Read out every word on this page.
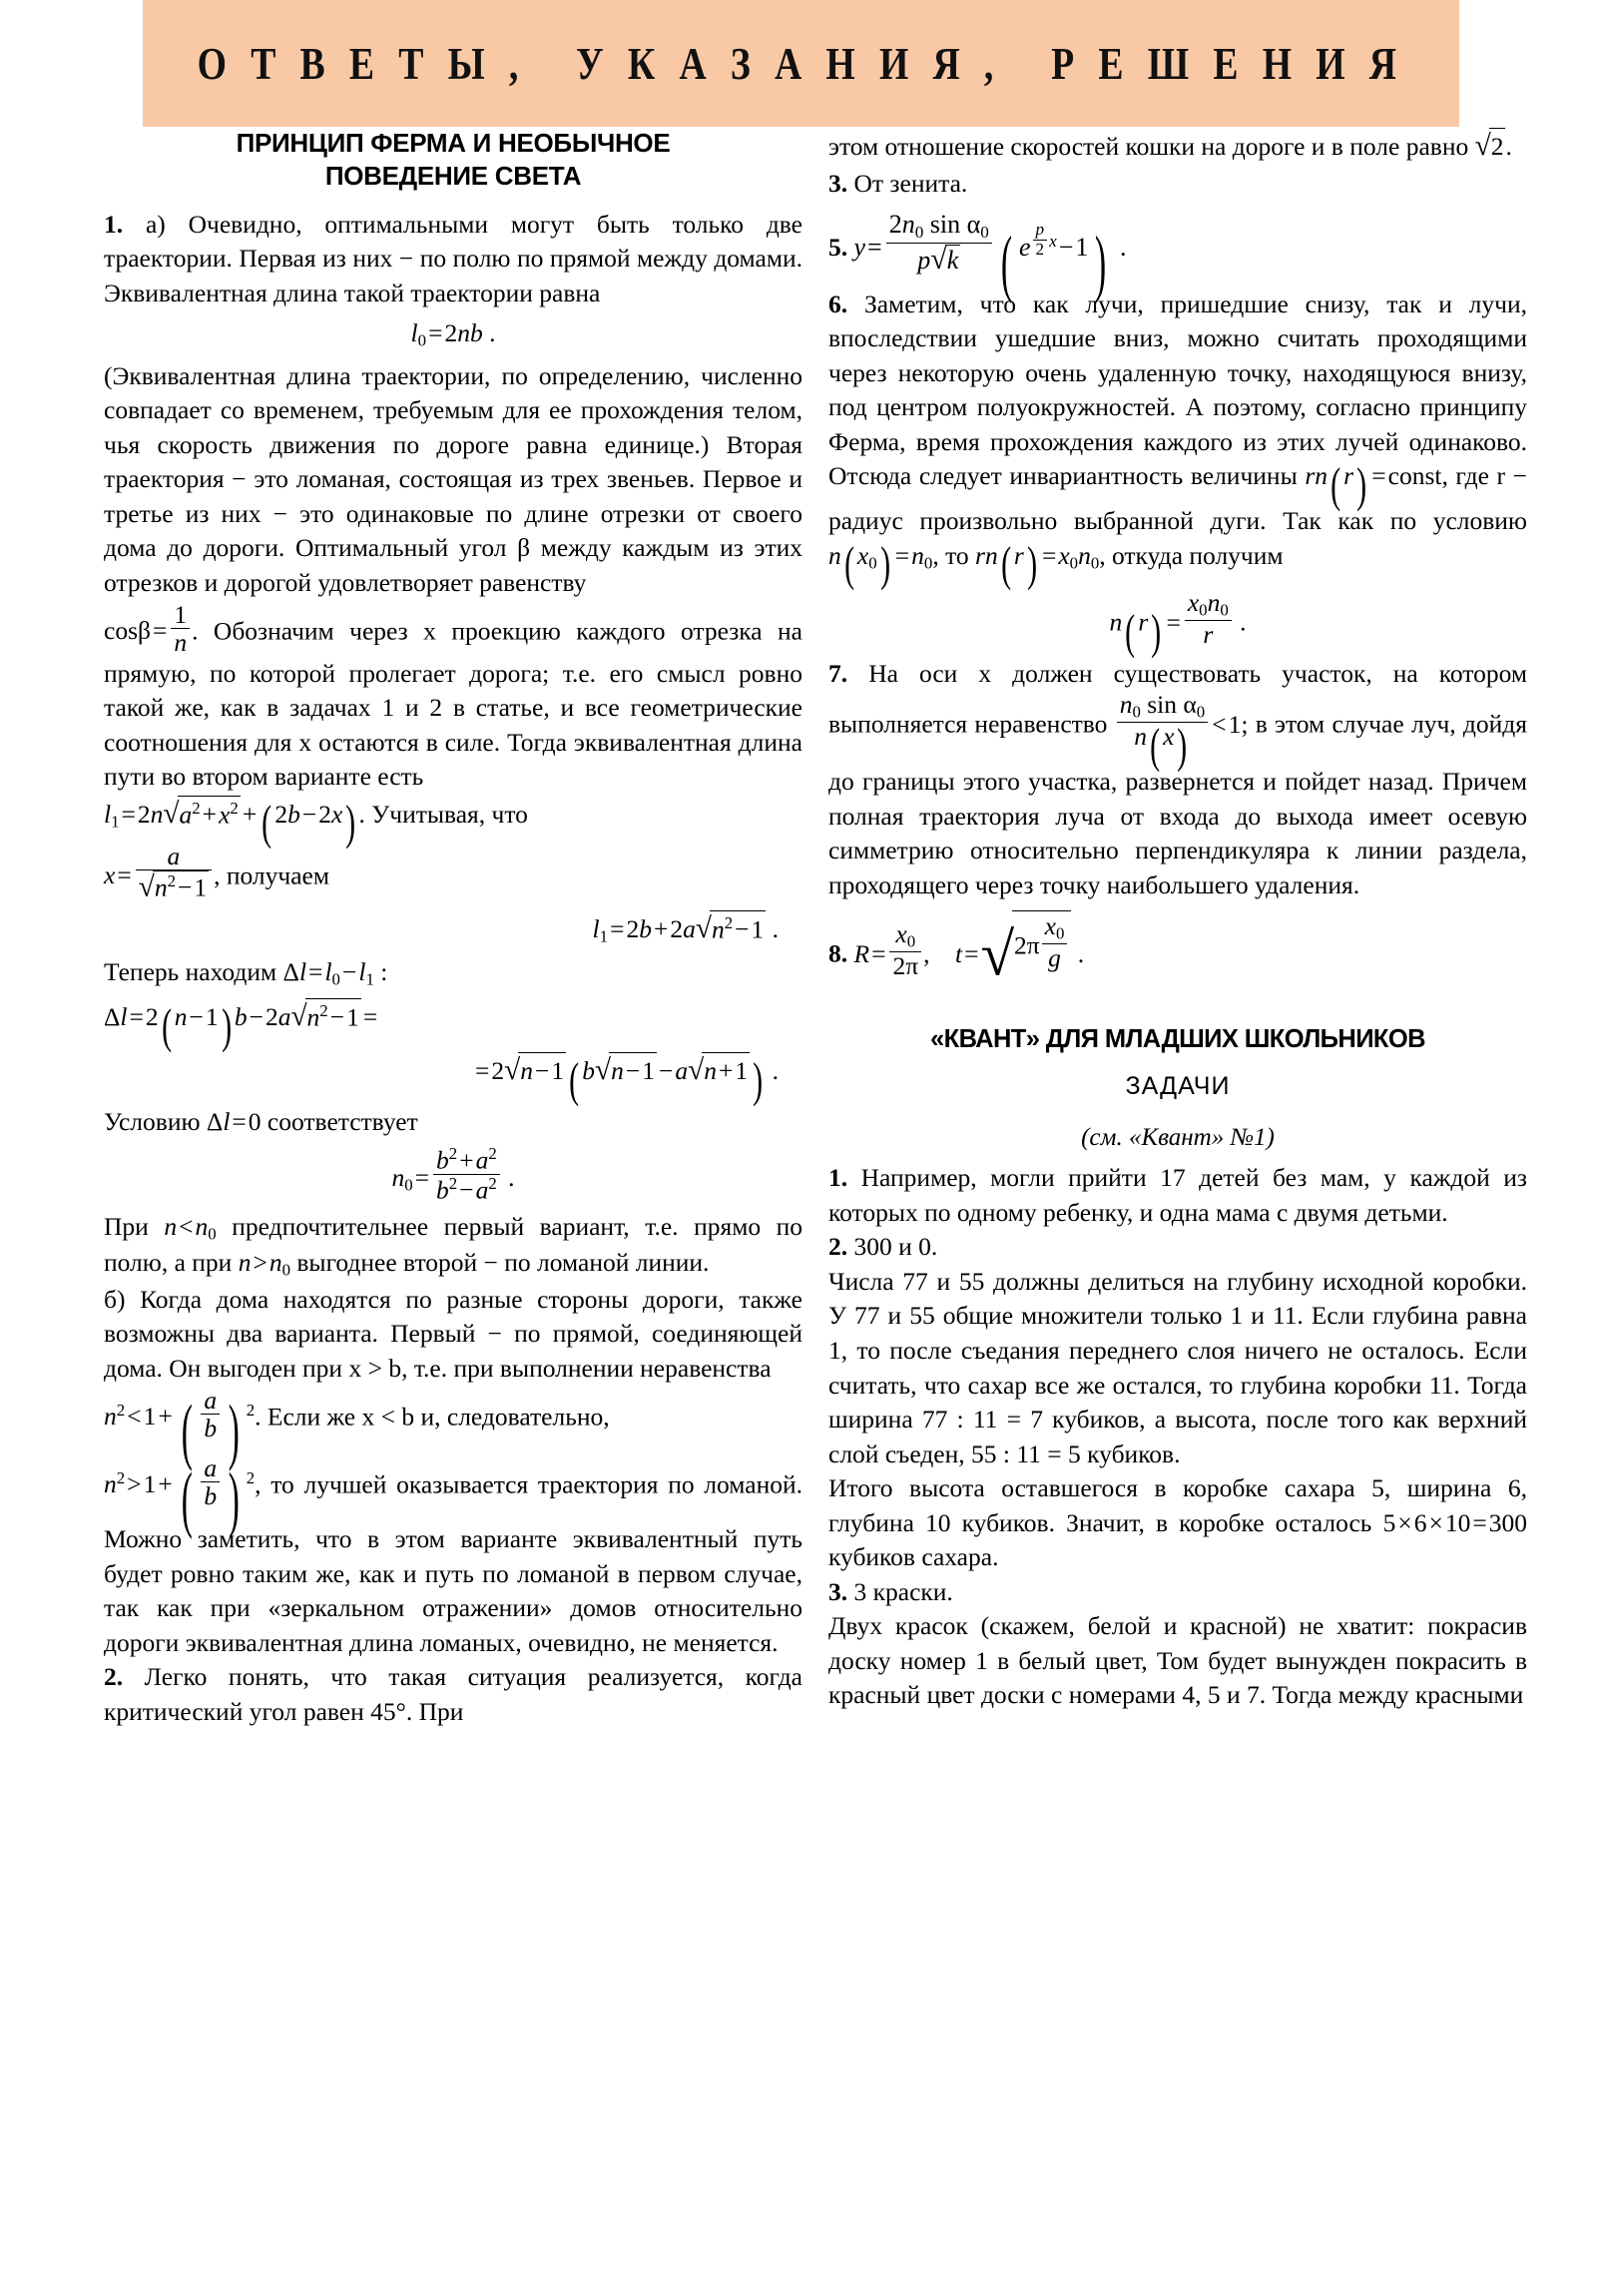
О Т В Е Т Ы ,   У К А З А Н И Я ,   Р Е Ш Е Н И Я
ПРИНЦИП ФЕРМА И НЕОБЫЧНОЕ
ПОВЕДЕНИЕ СВЕТА

1. а) Очевидно, оптимальными могут быть только две траектории. Первая из них − по полю по прямой между домами. Эквивалентная длина такой траектории равна

$l_0=2nb$ .

(Эквивалентная длина траектории, по определению, численно совпадает со временем, требуемым для ее прохождения телом, чья скорость движения по дороге равна единице.) Вторая траектория − это ломаная, состоящая из трех звеньев. Первое и третье из них − это одинаковые по длине отрезки от своего дома до дороги. Оптимальный угол β между каждым из этих отрезков и дорогой удовлетворяет равенству

$\cos\beta= \frac{1}{n}$ . Обозначим через x проекцию каждого отрезка на прямую, по которой пролегает дорога; т.е. его смысл ровно такой же, как в задачах 1 и 2 в статье, и все геометрические соотношения для x остаются в силе. Тогда эквивалентная длина пути во втором варианте есть

$l_1=2n√a^2+x^2$ + ( 2b−2x) . Учитывая, что

$x= \frac{a}{√n^2-1}$ , получаем

$l_1=2b+2a√n^2-1$ .

Теперь находим $\Delta l=l_0-l_1$ :

Δl=2( n−1) $b-2a√n^2-1$ =

=2√n−1 ( b√n−1 −a√n+1 ) .

Условию Δl=0 соответствует

$n_0= \frac{b^2+a^2}{b^2-a^2}$ .

При $n<n_0$ предпочтительнее первый вариант, т.е. прямо по полю, а при $n>n_0$ выгоднее второй − по ломаной линии.

б) Когда дома находятся по разные стороны дороги, также возможны два варианта. Первый − по прямой, соединяющей дома. Он выгоден при x > b, т.е. при выполнении неравенства

$n^2<1+$ ( $\frac{a}{b}$ ) $^2$. Если же x < b и, следовательно,

$n^2>1+$ ( $\frac{a}{b}$ ) $^2$, то лучшей оказывается траектория по ломаной. Можно заметить, что в этом варианте эквивалентный путь будет ровно таким же, как и путь по ломаной в первом случае, так как при «зеркальном отражении» домов относительно дороги эквивалентная длина ломаных, очевидно, не меняется.

2. Легко понять, что такая ситуация реализуется, когда критический угол равен 45°. При

этом отношение скоростей кошки на дороге и в поле равно √2.

3. От зенита.

5. $y= \frac{2n_0 \sin \alpha_0}{p√k}$ ( e $^{\frac{p}{2} x}$−1) .

6. Заметим, что как лучи, пришедшие снизу, так и лучи, впоследствии ушедшие вниз, можно считать проходящими через некоторую очень удаленную точку, находящуюся внизу, под центром полуокружностей. А поэтому, согласно принципу Ферма, время прохождения каждого из этих лучей одинаково. Отсюда следует инвариантность величины rn( r) =const, где r − радиус произвольно выбранной дуги. Так как по условию n( $x_0) =n_0$, то rn( $r) =x_0n_0$, откуда получим

n( $r) = \frac{x_0n_0}{r}$ .

7. На оси x должен существовать участок, на котором выполняется неравенство $\frac{n_0 \sin \alpha_0}{n( x)} <1$; в этом случае луч, дойдя до границы этого участка, развернется и пойдет назад. Причем полная траектория луча от входа до выхода имеет осевую симметрию относительно перпендикуляра к линии раздела, проходящего через точку наибольшего удаления.

8. $R= \frac{x_0}{2\pi}$ ,    $t=√2\pi \frac{x_0}{g}$ .

«КВАНТ» ДЛЯ МЛАДШИХ ШКОЛЬНИКОВ

ЗАДАЧИ

(см. «Квант» №1)

1. Например, могли прийти 17 детей без мам, у каждой из которых по одному ребенку, и одна мама с двумя детьми.

2. 300 и 0.

Числа 77 и 55 должны делиться на глубину исходной коробки. У 77 и 55 общие множители только 1 и 11. Если глубина равна 1, то после съедания переднего слоя ничего не осталось. Если считать, что сахар все же остался, то глубина коробки 11. Тогда ширина 77 : 11 = 7 кубиков, а высота, после того как верхний слой съеден, 55 : 11 = 5 кубиков.

Итого высота оставшегося в коробке сахара 5, ширина 6, глубина 10 кубиков. Значит, в коробке осталось 5×6×10=300 кубиков сахара.

3. 3 краски.

Двух красок (скажем, белой и красной) не хватит: покрасив доску номер 1 в белый цвет, Том будет вынужден покрасить в красный цвет доски с номерами 4, 5 и 7. Тогда между красными
